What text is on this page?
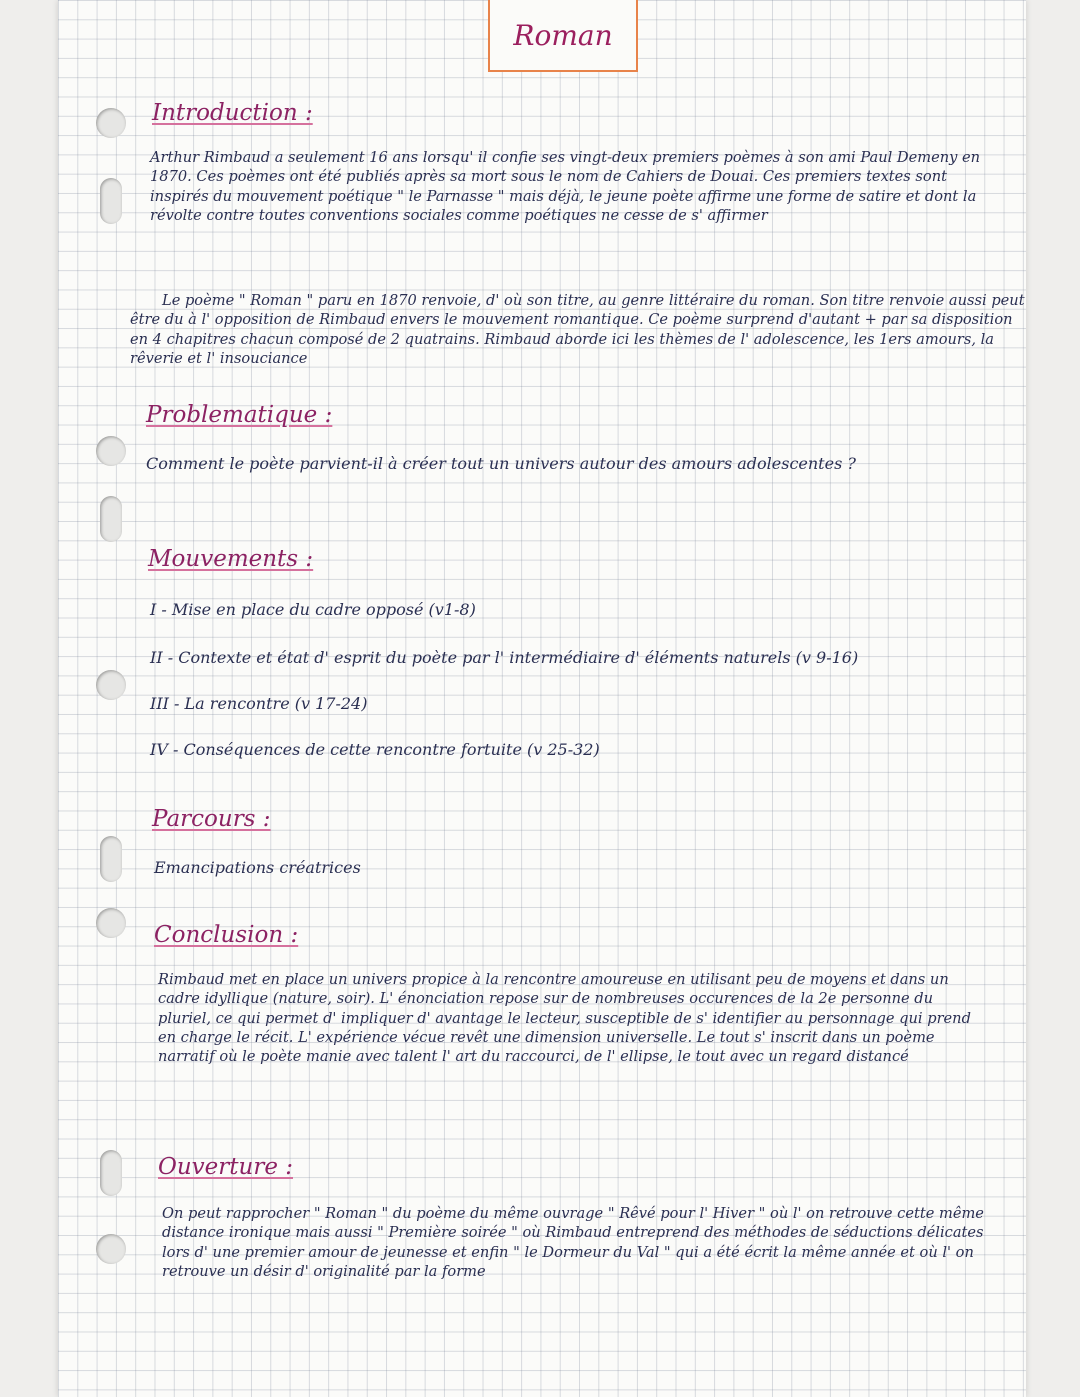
Roman
Introduction :

Arthur Rimbaud a seulement 16 ans lorsqu' il confie ses vingt-deux premiers poèmes à son ami Paul Demeny en 1870. Ces poèmes ont été publiés après sa mort sous le nom de Cahiers de Douai. Ces premiers textes sont inspirés du mouvement poétique " le Parnasse " mais déjà, le jeune poète affirme une forme de satire et dont la révolte contre toutes conventions sociales comme poétiques ne cesse de s' affirmer

Le poème " Roman " paru en 1870 renvoie, d' où son titre, au genre littéraire du roman. Son titre renvoie aussi peut être du à l' opposition de Rimbaud envers le mouvement romantique. Ce poème surprend d'autant + par sa disposition en 4 chapitres chacun composé de 2 quatrains. Rimbaud aborde ici les thèmes de l' adolescence, les 1ers amours, la rêverie et l' insouciance

Problematique :
Comment le poète parvient-il à créer tout un univers autour des amours adolescentes ?
Mouvements :
I - Mise en place du cadre opposé (v1-8)
II - Contexte et état d' esprit du poète par l' intermédiaire d' éléments naturels (v 9-16)
III - La rencontre (v 17-24)
IV - Conséquences de cette rencontre fortuite (v 25-32)
Parcours :
Emancipations créatrices
Conclusion :

Rimbaud met en place un univers propice à la rencontre amoureuse en utilisant peu de moyens et dans un cadre idyllique (nature, soir). L' énonciation repose sur de nombreuses occurences de la 2e personne du pluriel, ce qui permet d' impliquer d' avantage le lecteur, susceptible de s' identifier au personnage qui prend en charge le récit. L' expérience vécue revêt une dimension universelle. Le tout s' inscrit dans un poème narratif où le poète manie avec talent l' art du raccourci, de l' ellipse, le tout avec un regard distancé

Ouverture :

On peut rapprocher " Roman " du poème du même ouvrage " Rêvé pour l' Hiver " où l' on retrouve cette même distance ironique mais aussi " Première soirée " où Rimbaud entreprend des méthodes de séductions délicates lors d' une premier amour de jeunesse et enfin " le Dormeur du Val " qui a été écrit la même année et où l' on retrouve un désir d' originalité par la forme
